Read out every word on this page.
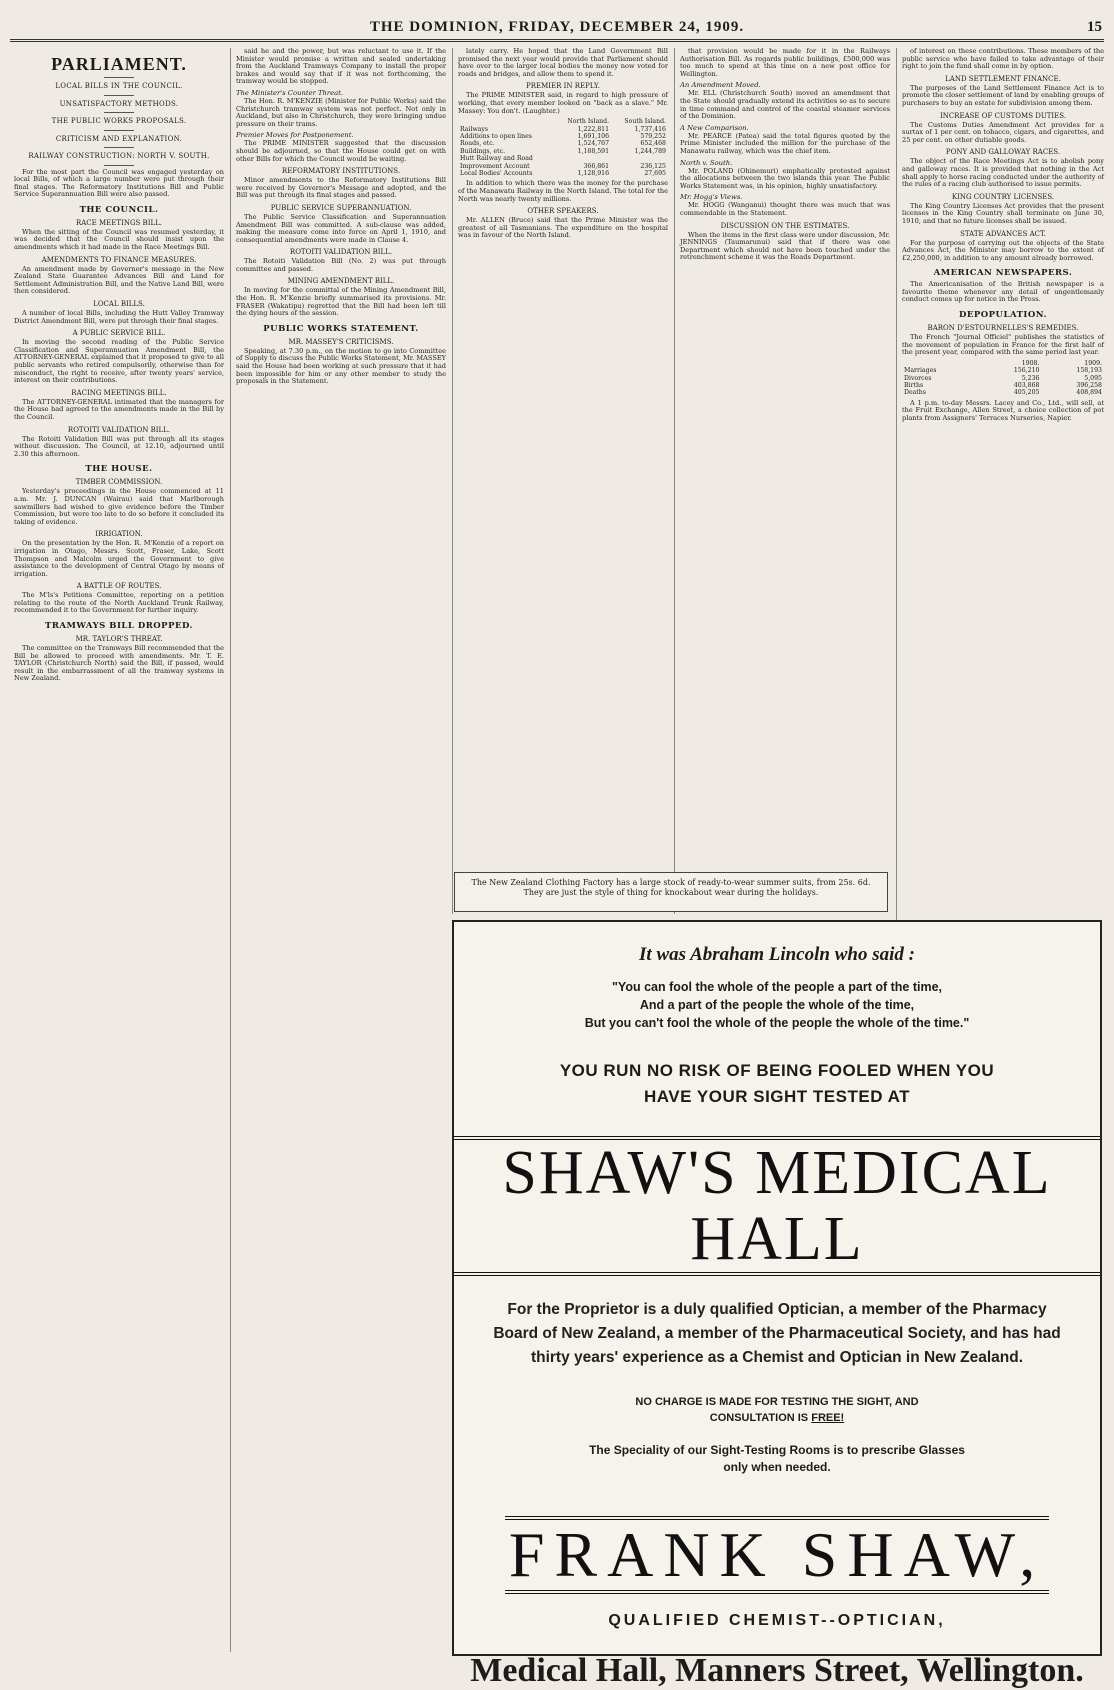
THE DOMINION, FRIDAY, DECEMBER 24, 1909.	15
PARLIAMENT.
LOCAL BILLS IN THE COUNCIL.
UNSATISFACTORY METHODS.
THE PUBLIC WORKS PROPOSALS.
CRITICISM AND EXPLANATION.
RAILWAY CONSTRUCTION: NORTH V. SOUTH.

For the most part the Council was engaged yesterday on local Bills, of which a large number were put through their final stages. The Reformatory Institutions Bill and Public Service Superannuation Bill were also passed.

THE COUNCIL.
RACE MEETINGS BILL.

When the sitting of the Council was resumed yesterday, it was decided that the Council should insist upon the amendments which it had made in the Race Meetings Bill.

AMENDMENTS TO FINANCE MEASURES.

An amendment made by Governor's message in the New Zealand State Guarantee Advances Bill and Land for Settlement Administration Bill, and the Native Land Bill, were then considered.

LOCAL BILLS.

A number of local Bills, including the Hutt Valley Tramway District Amendment Bill, were put through their final stages.

A PUBLIC SERVICE BILL.

In moving the second reading of the Public Service Classification and Superannuation Amendment Bill, the ATTORNEY-GENERAL explained that it proposed to give to all public servants who retired compulsorily, otherwise than for misconduct, the right to receive, after twenty years' service, interest on their contributions.

RACING MEETINGS BILL.

The ATTORNEY-GENERAL intimated that the managers for the House had agreed to the amendments made in the Bill by the Council.

ROTOITI VALIDATION BILL.

The Rotoiti Validation Bill was put through all its stages without discussion. The Council, at 12.10, adjourned until 2.30 this afternoon.

THE HOUSE.
TIMBER COMMISSION.

Yesterday's proceedings in the House commenced at 11 a.m. Mr. J. DUNCAN (Wairau) said that Marlborough sawmillers had wished to give evidence before the Timber Commission, but were too late to do so before it concluded its taking of evidence.

IRRIGATION.

On the presentation by the Hon. R. M'Kenzie of a report on irrigation in Otago, Messrs. Scott, Fraser, Lake, Scott Thompson and Malcolm urged the Government to give assistance to the development of Central Otago by means of irrigation.

A BATTLE OF ROUTES.

The M'ls's Petitions Committee, reporting on a petition relating to the route of the North Auckland Trunk Railway, recommended it to the Government for further inquiry.

TRAMWAYS BILL DROPPED.
MR. TAYLOR'S THREAT.

The committee on the Tramways Bill recommended that the Bill be allowed to proceed with amendments. Mr. T. E. TAYLOR (Christchurch North) said the Bill, if passed, would result in the embarrassment of all the tramway systems in New Zealand.

said he and the power, but was reluctant to use it. If the Minister would promise a written and sealed undertaking from the Auckland Tramways Company to install the proper brakes and would say that if it was not forthcoming, the tramway would be stopped.

The Minister's Counter Threat.

The Hon. R. M'KENZIE (Minister for Public Works) said the Christchurch tramway system was not perfect. Not only in Auckland, but also in Christchurch, they were bringing undue pressure on their trams.

Premier Moves for Postponement.

The PRIME MINISTER suggested that the discussion should be adjourned, so that the House could get on with other Bills for which the Council would be waiting.

REFORMATORY INSTITUTIONS.

Minor amendments to the Reformatory Institutions Bill were received by Governor's Message and adopted, and the Bill was put through its final stages and passed.

PUBLIC SERVICE SUPERANNUATION.

The Public Service Classification and Superannuation Amendment Bill was committed. A sub-clause was added, making the measure come into force on April 1, 1910, and consequential amendments were made in Clause 4.

ROTOITI VALIDATION BILL.

The Rotoiti Validation Bill (No. 2) was put through committee and passed.

MINING AMENDMENT BILL.

In moving for the committal of the Mining Amendment Bill, the Hon. R. M'Kenzie briefly summarised its provisions. Mr. FRASER (Wakatipu) regretted that the Bill had been left till the dying hours of the session.

PUBLIC WORKS STATEMENT.
MR. MASSEY'S CRITICISMS.

Speaking, at 7.30 p.m., on the motion to go into Committee of Supply to discuss the Public Works Statement, Mr. MASSEY said the House had been working at such pressure that it had been impossible for him or any other member to study the proposals in the Statement.

lately carry. He hoped that the Land Government Bill promised the next year would provide that Parliament should have over to the larger local bodies the money now voted for roads and bridges, and allow them to spend it.

PREMIER IN REPLY.

The PRIME MINISTER said, in regard to high pressure of working, that every member looked on "back as a slave." Mr. Massey: You don't. (Laughter.)

	North Island.	South Island.
Railways	1,222,811	1,737,416
Additions to open lines	1,691,106	579,252
Roads, etc.	1,524,767	652,468
Buildings, etc.	1,188,591	1,244,789
Hutt Railway and Road		
Improvement Account	366,861	236,125
Local Bodies' Accounts	1,128,916	27,695

In addition to which there was the money for the purchase of the Manawatu Railway in the North Island. The total for the North was nearly twenty millions.

OTHER SPEAKERS.

Mr. ALLEN (Bruce) said that the Prime Minister was the greatest of all Tasmanians. The expenditure on the hospital was in favour of the North Island.

that provision would be made for it in the Railways Authorisation Bill. As regards public buildings, £500,000 was too much to spend at this time on a new post office for Wellington.

An Amendment Moved.

Mr. ELL (Christchurch South) moved an amendment that the State should gradually extend its activities so as to secure in time command and control of the coastal steamer services of the Dominion.

A New Comparison.

Mr. PEARCE (Patea) said the total figures quoted by the Prime Minister included the million for the purchase of the Manawatu railway, which was the chief item.

North v. South.

Mr. POLAND (Ohinemuri) emphatically protested against the allocations between the two islands this year. The Public Works Statement was, in his opinion, highly unsatisfactory.

Mr. Hogg's Views.

Mr. HOGG (Wanganui) thought there was much that was commendable in the Statement.

DISCUSSION ON THE ESTIMATES.

When the items in the first class were under discussion, Mr. JENNINGS (Taumarunui) said that if there was one Department which should not have been touched under the retrenchment scheme it was the Roads Department.

of interest on these contributions. These members of the public service who have failed to take advantage of their right to join the fund shall come in by option.

LAND SETTLEMENT FINANCE.

The purposes of the Land Settlement Finance Act is to promote the closer settlement of land by enabling groups of purchasers to buy an estate for subdivision among them.

INCREASE OF CUSTOMS DUTIES.

The Customs Duties Amendment Act provides for a surtax of 1 per cent. on tobacco, cigars, and cigarettes, and 25 per cent. on other dutiable goods.

PONY AND GALLOWAY RACES.

The object of the Race Meetings Act is to abolish pony and galloway races. It is provided that nothing in the Act shall apply to horse racing conducted under the authority of the rules of a racing club authorised to issue permits.

KING COUNTRY LICENSES.

The King Country Licenses Act provides that the present licenses in the King Country shall terminate on June 30, 1910, and that no future licenses shall be issued.

STATE ADVANCES ACT.

For the purpose of carrying out the objects of the State Advances Act, the Minister may borrow to the extent of £2,250,000, in addition to any amount already borrowed.

AMERICAN NEWSPAPERS.

The Americanisation of the British newspaper is a favourite theme whenever any detail of ungentlemanly conduct comes up for notice in the Press.

DEPOPULATION.
BARON D'ESTOURNELLES'S REMEDIES.

The French "Journal Officiel" publishes the statistics of the movement of population in France for the first half of the present year, compared with the same period last year.

	1908.	1909.
Marriages	156,210	158,193
Divorces	5,236	5,095
Births	403,868	396,258
Deaths	405,205	408,894

A 1 p.m. to-day Messrs. Lacey and Co., Ltd., will sell, at the Fruit Exchange, Allen Street, a choice collection of pot plants from Assigners' Terraces Nurseries, Napier.

The New Zealand Clothing Factory has a large stock of ready-to-wear summer suits, from 25s. 6d. They are just the style of thing for knockabout wear during the holidays.
It was Abraham Lincoln who said :
"You can fool the whole of the people a part of the time,
And a part of the people the whole of the time,
But you can't fool the whole of the people the whole of the time."
YOU RUN NO RISK OF BEING FOOLED WHEN YOU
HAVE YOUR SIGHT TESTED AT
SHAW'S MEDICAL HALL
For the Proprietor is a duly qualified Optician, a member of the Pharmacy Board of New Zealand, a member of the Pharmaceutical Society, and has had thirty years' experience as a Chemist and Optician in New Zealand.
NO CHARGE IS MADE FOR TESTING THE SIGHT, AND
CONSULTATION IS FREE!
The Speciality of our Sight-Testing Rooms is to prescribe Glasses
only when needed.
FRANK SHAW,
QUALIFIED CHEMIST--OPTICIAN,
Medical Hall, Manners Street, Wellington.
